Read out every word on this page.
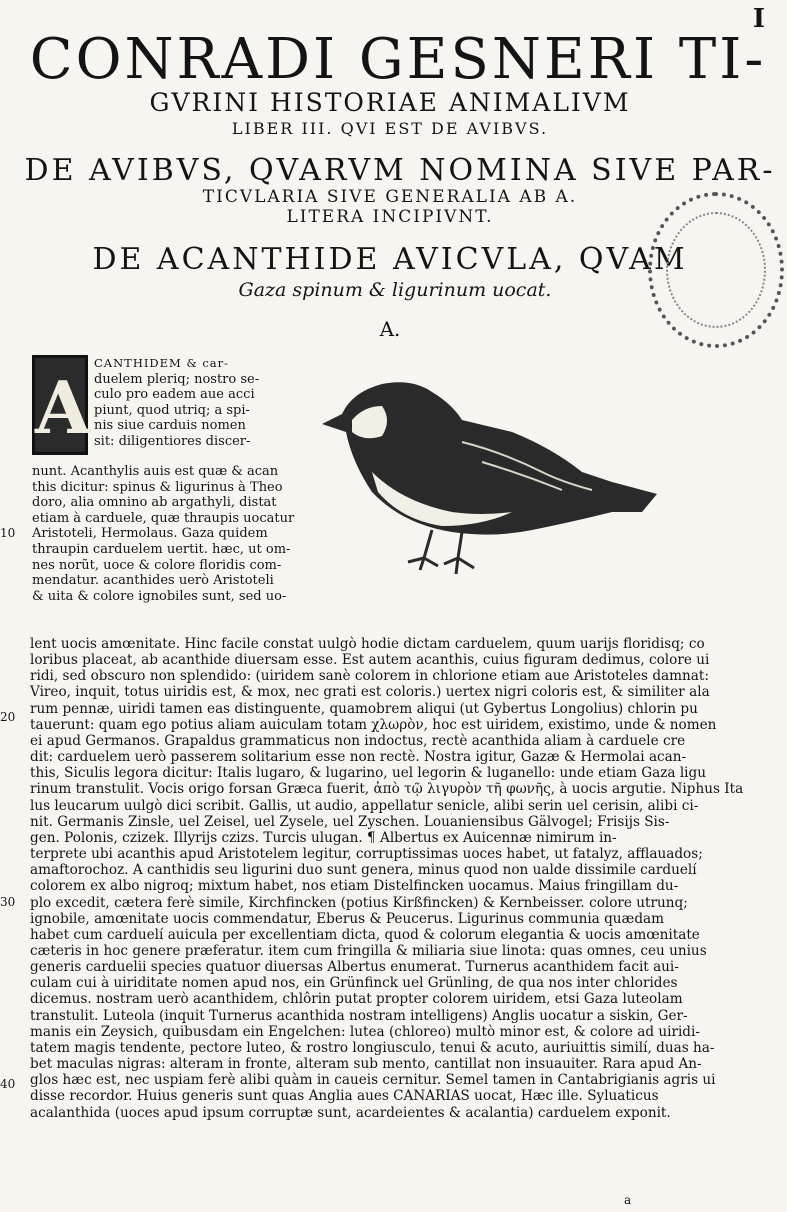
I
CONRADI GESNERI TI-
GVRINI HISTORIAE ANIMALIVM
LIBER III. QVI EST DE AVIBVS.
DE AVIBVS, QVARVM NOMINA SIVE PAR-
TICVLARIA SIVE GENERALIA AB A.
LITERA INCIPIVNT.
DE ACANTHIDE AVICVLA, QVAM
Gaza spinum & ligurinum uocat.
A.
A
10
20
30
40
CANTHIDEM & car-
duelem pleriq; nostro se-
culo pro eadem aue acci
piunt, quod utriq; a spi-
nis siue carduis nomen
sit: diligentiores discer-
nunt. Acanthylis auis est quæ & acan
this dicitur: spinus & ligurinus à Theo
doro, alia omnino ab argathyli, distat
etiam à carduele, quæ thraupis uocatur
Aristoteli, Hermolaus. Gaza quidem
thraupin carduelem uertit. hæc, ut om-
nes norũt, uoce & colore floridis com-
mendatur. acanthides uerò Aristoteli
& uita & colore ignobiles sunt, sed uo-
lent uocis amœnitate. Hinc facile constat uulgò hodie dictam carduelem, quum uarijs floridisq; co
loribus placeat, ab acanthide diuersam esse. Est autem acanthis, cuius figuram dedimus, colore ui
ridi, sed obscuro non splendido: (uiridem sanè colorem in chlorione etiam aue Aristoteles damnat:
Vireo, inquit, totus uiridis est, & mox, nec grati est coloris.) uertex nigri coloris est, & similiter ala
rum pennæ, uiridi tamen eas distinguente, quamobrem aliqui (ut Gybertus Longolius) chlorin pu
tauerunt: quam ego potius aliam auiculam totam χλωρὸν, hoc est uiridem, existimo, unde & nomen
ei apud Germanos. Grapaldus grammaticus non indoctus, rectè acanthida aliam à carduele cre
dit: carduelem uerò passerem solitarium esse non rectè. Nostra igitur, Gazæ & Hermolai acan-
this, Siculis legora dicitur: Italis lugaro, & lugarino, uel legorin & luganello: unde etiam Gaza ligu
rinum transtulit. Vocis origo forsan Græca fuerit, ἀπὸ τῷ λιγυρὸν τῆ φωνῆς, à uocis argutie. Niphus Ita
lus leucarum uulgò dici scribit. Gallis, ut audio, appellatur senicle, alibi serin uel cerisin, alibi ci-
nit. Germanis Zinsle, uel Zeisel, uel Zysele, uel Zyschen. Louaniensibus Gälvogel; Frisijs Sis-
gen. Polonis, czizek. Illyrijs czizs. Turcis ulugan. ¶ Albertus ex Auicennæ nimirum in-
terprete ubi acanthis apud Aristotelem legitur, corruptissimas uoces habet, ut fatalyz, afflauados;
amaftorochoz. A canthidis seu ligurini duo sunt genera, minus quod non ualde dissimile carduelí
colorem ex albo nigroq; mixtum habet, nos etiam Distelfincken uocamus. Maius fringillam du-
plo excedit, cætera ferè simile, Kirchfincken (potius Kirßfincken) & Kernbeisser. colore utrunq;
ignobile, amœnitate uocis commendatur, Eberus & Peucerus. Ligurinus communia quædam
habet cum carduelí auicula per excellentiam dicta, quod & colorum elegantia & uocis amœnitate
cæteris in hoc genere præferatur. item cum fringilla & miliaria siue linota: quas omnes, ceu unius
generis carduelii species quatuor diuersas Albertus enumerat. Turnerus acanthidem facit aui-
culam cui à uiriditate nomen apud nos, ein Grünfinck uel Grünling, de qua nos inter chlorides
dicemus. nostram uerò acanthidem, chlôrin putat propter colorem uiridem, etsi Gaza luteolam
transtulit. Luteola (inquit Turnerus acanthida nostram intelligens) Anglis uocatur a siskin, Ger-
manis ein Zeysich, quibusdam ein Engelchen: lutea (chloreo) multò minor est, & colore ad uiridi-
tatem magis tendente, pectore luteo, & rostro longiusculo, tenui & acuto, auriuittis similí, duas ha-
bet maculas nigras: alteram in fronte, alteram sub mento, cantillat non insuauiter. Rara apud An-
glos hæc est, nec uspiam ferè alibi quàm in caueis cernitur. Semel tamen in Cantabrigianis agris ui
disse recordor. Huius generis sunt quas Anglia aues CANARIAS uocat, Hæc ille. Syluaticus
acalanthida (uoces apud ipsum corruptæ sunt, acardeientes & acalantia) carduelem exponit.
a
